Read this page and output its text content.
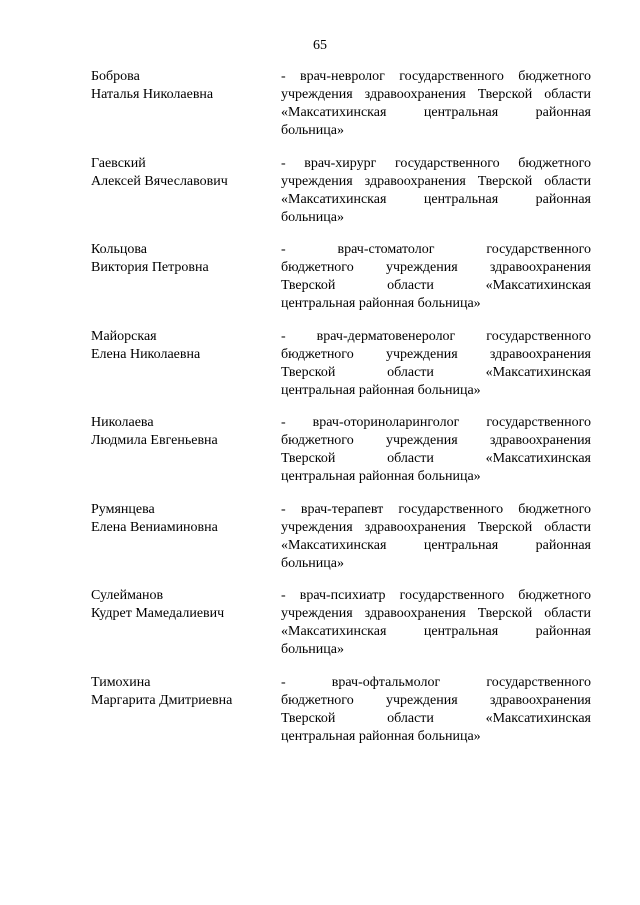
65
Боброва
Наталья Николаевна
- врач-невролог государственного бюджетного
учреждения здравоохранения Тверской области
«Максатихинская центральная районная
больница»
Гаевский
Алексей Вячеславович
- врач-хирург государственного бюджетного
учреждения здравоохранения Тверской области
«Максатихинская центральная районная
больница»
Кольцова
Виктория Петровна
- врач-стоматолог государственного
бюджетного учреждения здравоохранения
Тверской области «Максатихинская
центральная районная больница»
Майорская
Елена Николаевна
- врач-дерматовенеролог государственного
бюджетного учреждения здравоохранения
Тверской области «Максатихинская
центральная районная больница»
Николаева
Людмила Евгеньевна
- врач-оториноларинголог государственного
бюджетного учреждения здравоохранения
Тверской области «Максатихинская
центральная районная больница»
Румянцева
Елена Вениаминовна
- врач-терапевт государственного бюджетного
учреждения здравоохранения Тверской области
«Максатихинская центральная районная
больница»
Сулейманов
Кудрет Мамедалиевич
- врач-психиатр государственного бюджетного
учреждения здравоохранения Тверской области
«Максатихинская центральная районная
больница»
Тимохина
Маргарита Дмитриевна
- врач-офтальмолог государственного
бюджетного учреждения здравоохранения
Тверской области «Максатихинская
центральная районная больница»
